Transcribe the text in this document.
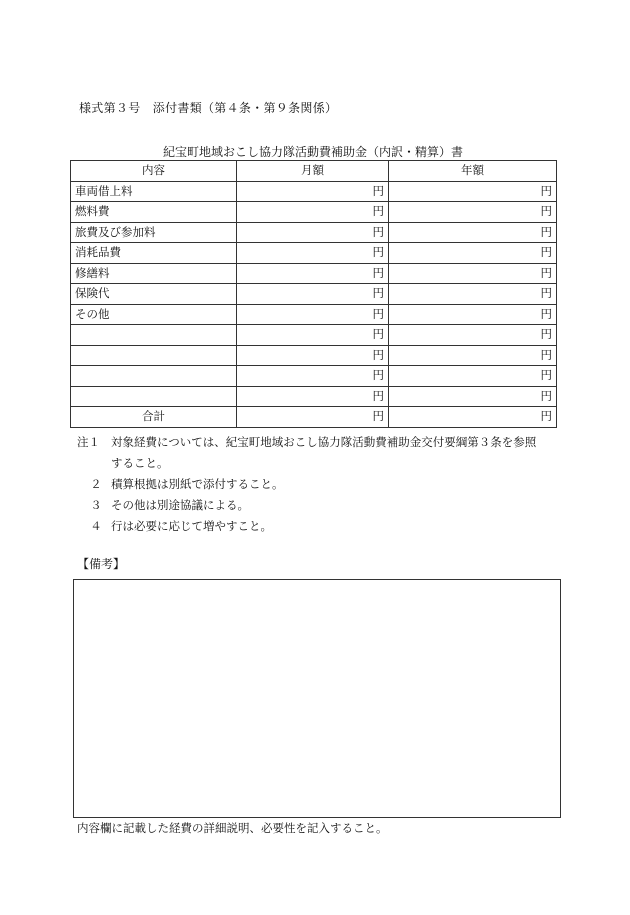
様式第３号　添付書類（第４条・第９条関係）
紀宝町地域おこし協力隊活動費補助金（内訳・精算）書
内容	月額	年額
車両借上料	円	円
燃料費	円	円
旅費及び参加料	円	円
消耗品費	円	円
修繕料	円	円
保険代	円	円
その他	円	円
	円	円
	円	円
	円	円
	円	円
合計	円	円
注１ 対象経費については、紀宝町地域おこし協力隊活動費補助金交付要綱第３条を参照
すること。
２ 積算根拠は別紙で添付すること。
３ その他は別途協議による。
４ 行は必要に応じて増やすこと。
【備考】
内容欄に記載した経費の詳細説明、必要性を記入すること。
